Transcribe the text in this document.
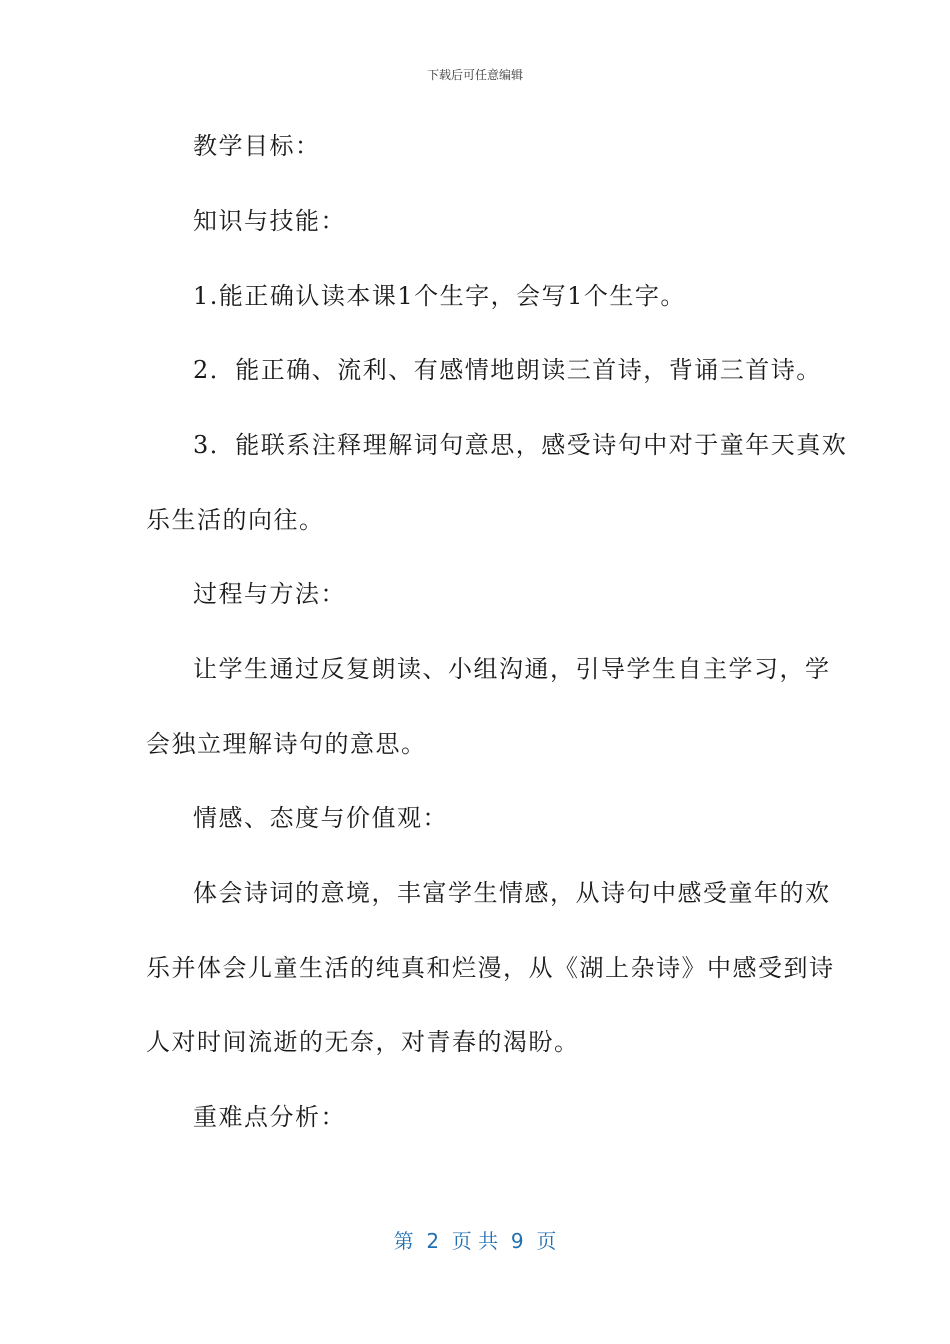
下载后可任意编辑
教学目标：
知识与技能：
1.能正确认读本课1个生字，会写1个生字。
2．能正确、流利、有感情地朗读三首诗，背诵三首诗。
3．能联系注释理解词句意思，感受诗句中对于童年天真欢
乐生活的向往。
过程与方法：
让学生通过反复朗读、小组沟通，引导学生自主学习，学
会独立理解诗句的意思。
情感、态度与价值观：
体会诗词的意境，丰富学生情感，从诗句中感受童年的欢
乐并体会儿童生活的纯真和烂漫，从《湖上杂诗》中感受到诗
人对时间流逝的无奈，对青春的渴盼。
重难点分析：
第  2  页 共  9  页
